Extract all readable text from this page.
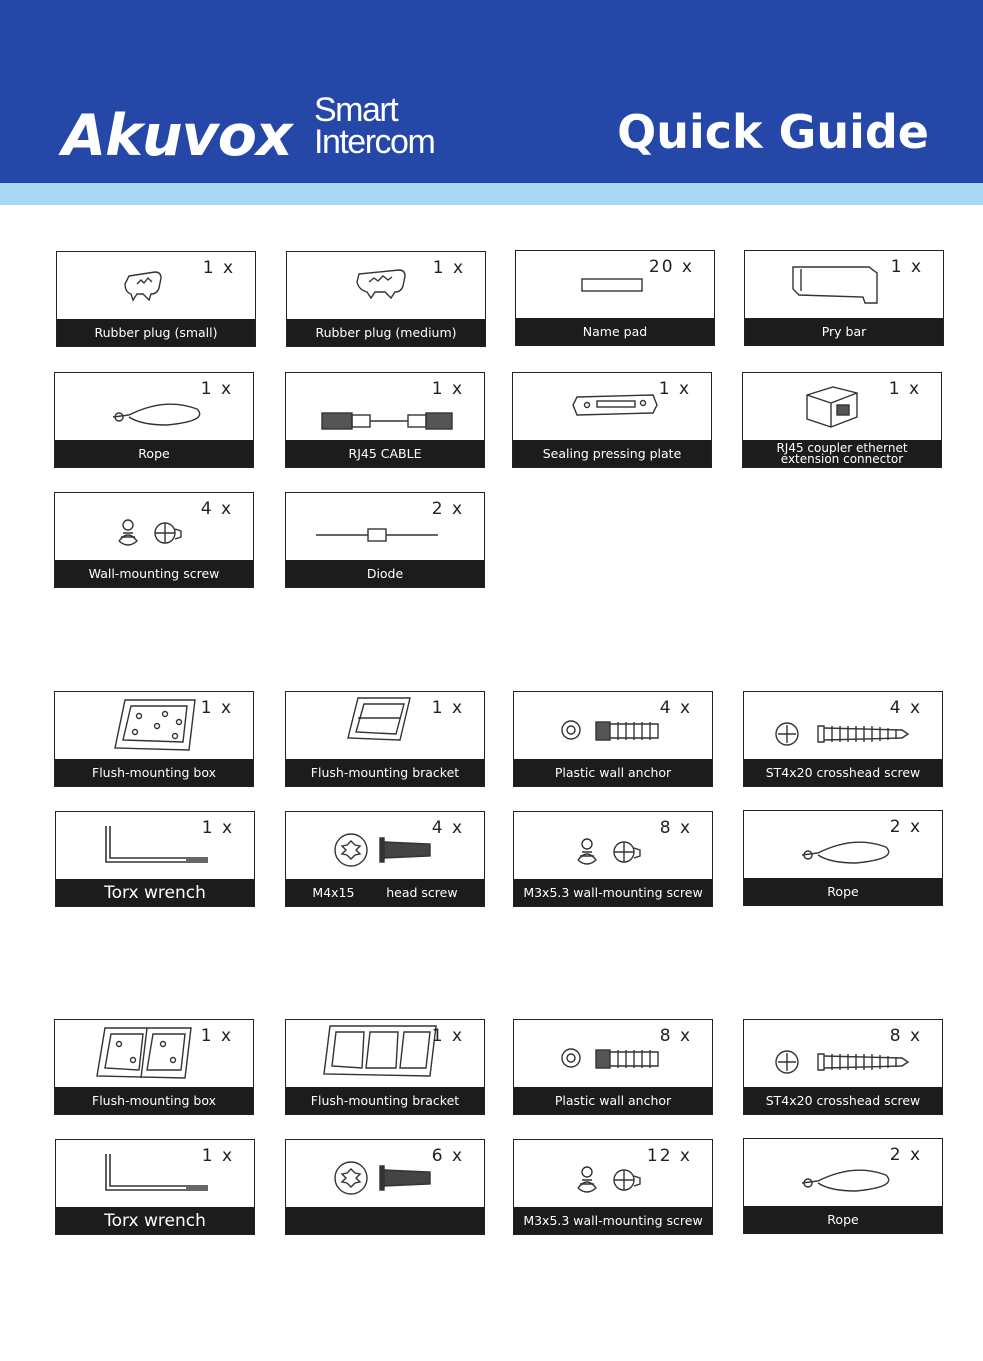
Akuvox Smart
Intercom	Quick Guide
1 x
Rubber plug (small)
1 x
Rubber plug (medium)
20 x
Name pad
1 x
Pry bar
1 x
Rope
1 x
RJ45 CABLE
1 x
Sealing pressing plate
1 x
RJ45 coupler ethernet extension connector
4 x
Wall-mounting screw
2 x
Diode
1 x
Flush-mounting box
1 x
Flush-mounting bracket
4 x
Plastic wall anchor
4 x
ST4x20 crosshead screw
1 x
Torx wrench
4 x
M4x15        head screw
8 x
M3x5.3 wall-mounting screw
2 x
Rope
1 x
Flush-mounting box
1 x
Flush-mounting bracket
8 x
Plastic wall anchor
8 x
ST4x20 crosshead screw
1 x
Torx wrench
6 x	12 x
M3x5.3 wall-mounting screw
2 x
Rope
